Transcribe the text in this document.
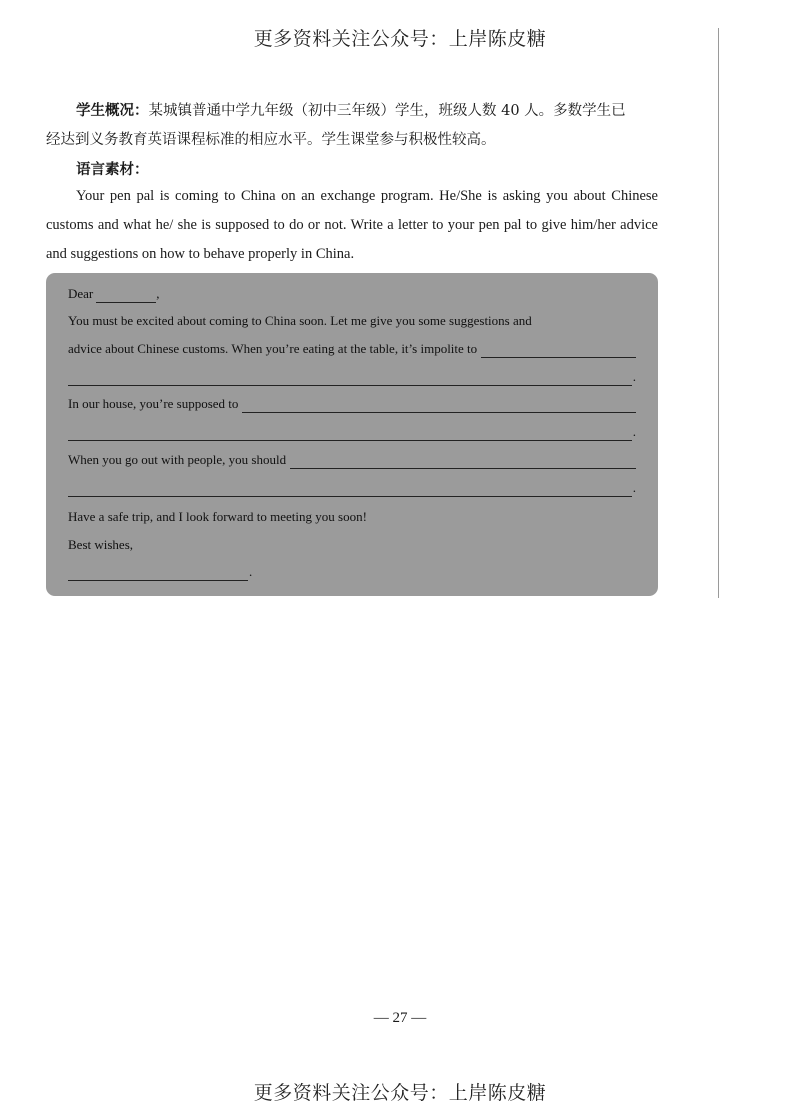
更多资料关注公众号：上岸陈皮糖
学生概况：某城镇普通中学九年级（初中三年级）学生，班级人数 40 人。多数学生已
经达到义务教育英语课程标准的相应水平。学生课堂参与积极性较高。
语言素材：
Your pen pal is coming to China on an exchange program. He/She is asking you about Chinese customs and what he/ she is supposed to do or not. Write a letter to your pen pal to give him/her advice and suggestions on how to behave properly in China.
Dear	,
You must be excited about coming to China soon. Let me give you some suggestions and
advice about Chinese customs. When you’re eating at the table, it’s impolite to
.
In our house, you’re supposed to
.
When you go out with people, you should
.
Have a safe trip, and I look forward to meeting you soon!
Best wishes,
.
— 27 —
更多资料关注公众号：上岸陈皮糖
